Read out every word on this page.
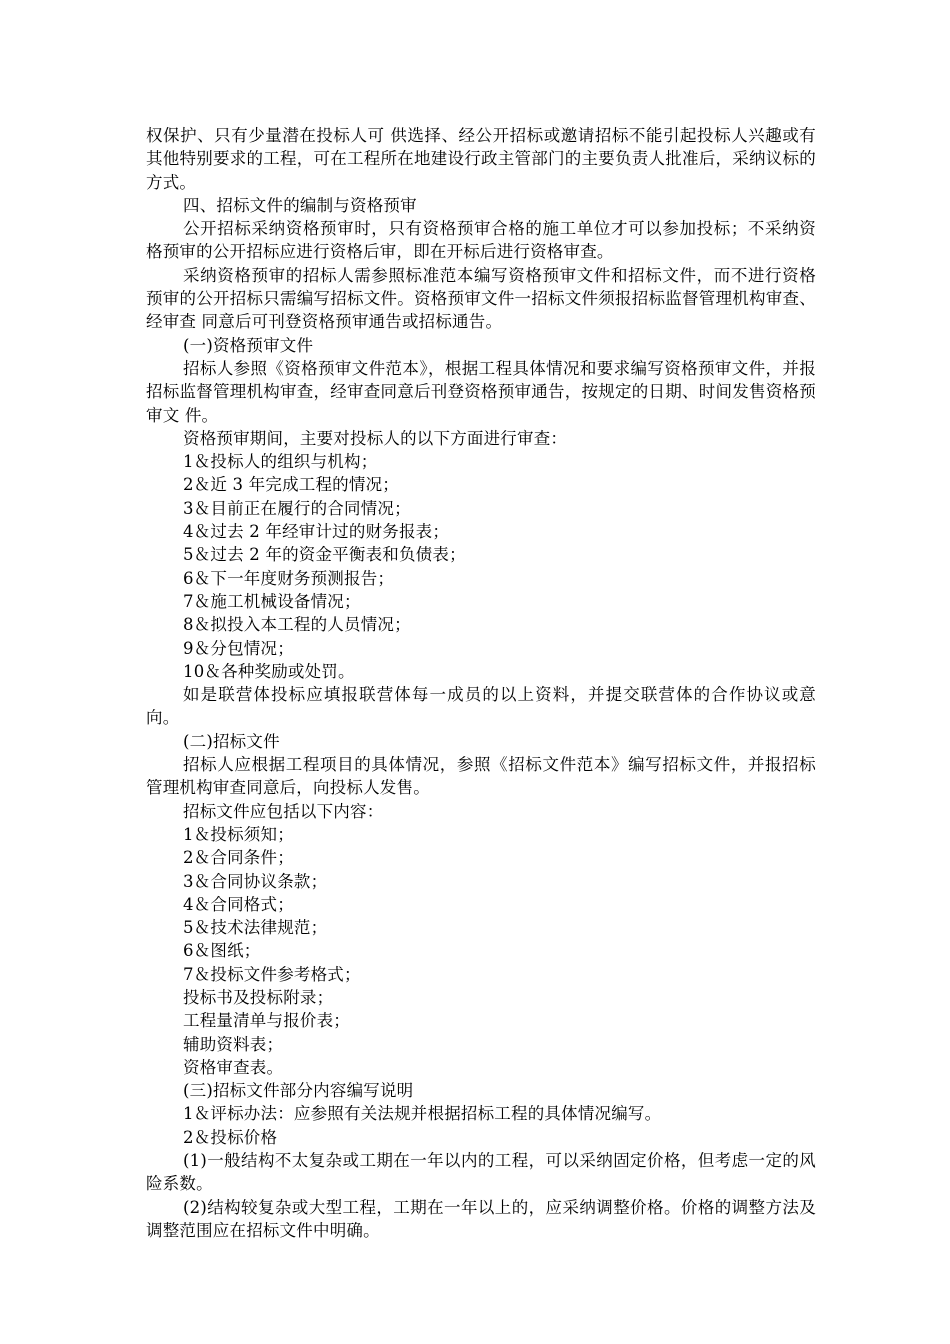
权保护、只有少量潜在投标人可 供选择、经公开招标或邀请招标不能引起投标人兴趣或有其他特别要求的工程，可在工程所在地建设行政主管部门的主要负责人批准后，采纳议标的方式。

四、招标文件的编制与资格预审

公开招标采纳资格预审时，只有资格预审合格的施工单位才可以参加投标；不采纳资格预审的公开招标应进行资格后审，即在开标后进行资格审查。

采纳资格预审的招标人需参照标准范本编写资格预审文件和招标文件，而不进行资格预审的公开招标只需编写招标文件。资格预审文件一招标文件须报招标监督管理机构审查、经审查 同意后可刊登资格预审通告或招标通告。

(一)资格预审文件

招标人参照《资格预审文件范本》，根据工程具体情况和要求编写资格预审文件，并报招标监督管理机构审查，经审查同意后刊登资格预审通告，按规定的日期、时间发售资格预审文 件。

资格预审期间，主要对投标人的以下方面进行审查：

1＆投标人的组织与机构；

2＆近 3 年完成工程的情况；

3＆目前正在履行的合同情况；

4＆过去 2 年经审计过的财务报表；

5＆过去 2 年的资金平衡表和负债表；

6＆下一年度财务预测报告；

7＆施工机械设备情况；

8＆拟投入本工程的人员情况；

9＆分包情况；

10＆各种奖励或处罚。

如是联营体投标应填报联营体每一成员的以上资料，并提交联营体的合作协议或意向。

(二)招标文件

招标人应根据工程项目的具体情况，参照《招标文件范本》编写招标文件，并报招标管理机构审查同意后，向投标人发售。

招标文件应包括以下内容：

1＆投标须知；

2＆合同条件；

3＆合同协议条款；

4＆合同格式；

5＆技术法律规范；

6＆图纸；

7＆投标文件参考格式；

投标书及投标附录；

工程量清单与报价表；

辅助资料表；

资格审查表。

(三)招标文件部分内容编写说明

1＆评标办法：应参照有关法规并根据招标工程的具体情况编写。

2＆投标价格

(1)一般结构不太复杂或工期在一年以内的工程，可以采纳固定价格，但考虑一定的风险系数。

(2)结构较复杂或大型工程，工期在一年以上的，应采纳调整价格。价格的调整方法及调整范围应在招标文件中明确。
